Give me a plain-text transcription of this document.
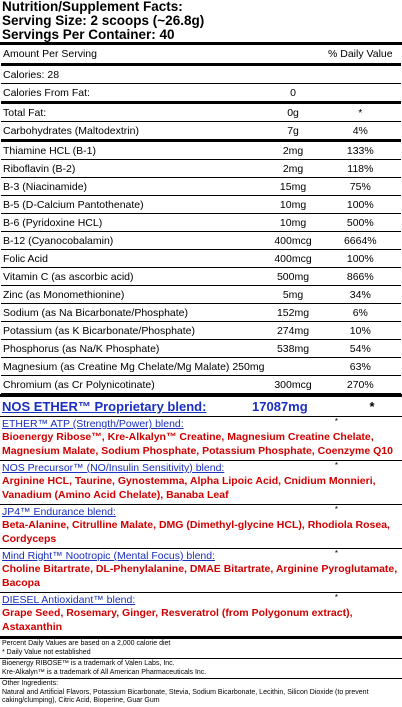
Nutrition/Supplement Facts:
Serving Size: 2 scoops (~26.8g)
Servings Per Container: 40
Amount Per Serving		% Daily Value
Calories: 28		
Calories From Fat:	0	
Total Fat:	0g	*
Carbohydrates (Maltodextrin)	7g	4%
Thiamine HCL (B-1)	2mg	133%
Riboflavin (B-2)	2mg	118%
B-3 (Niacinamide)	15mg	75%
B-5 (D-Calcium Pantothenate)	10mg	100%
B-6 (Pyridoxine HCL)	10mg	500%
B-12 (Cyanocobalamin)	400mcg	6664%
Folic Acid	400mcg	100%
Vitamin C (as ascorbic acid)	500mg	866%
Zinc (as Monomethionine)	5mg	34%
Sodium (as Na Bicarbonate/Phosphate)	152mg	6%
Potassium (as K Bicarbonate/Phosphate)	274mg	10%
Phosphorus (as Na/K Phosphate)	538mg	54%
Magnesium (as Creatine Mg Chelate/Mg Malate) 250mg		63%
Chromium (as Cr Polynicotinate)	300mcg	270%
NOS ETHER™ Proprietary blend:	17087mg	*
ETHER™ ATP (Strength/Power) blend:	*
Bioenergy Ribose™, Kre-Alkalyn™ Creatine, Magnesium Creatine Chelate, Magnesium Malate, Sodium Phosphate, Potassium Phosphate, Coenzyme Q10
NOS Precursor™ (NO/Insulin Sensitivity) blend:	*
Arginine HCL, Taurine, Gynostemma, Alpha Lipoic Acid, Cnidium Monnieri, Vanadium (Amino Acid Chelate), Banaba Leaf
JP4™ Endurance blend:	*
Beta-Alanine, Citrulline Malate, DMG (Dimethyl-glycine HCL), Rhodiola Rosea, Cordyceps
Mind Right™ Nootropic (Mental Focus) blend:	*
Choline Bitartrate, DL-Phenylalanine, DMAE Bitartrate, Arginine Pyroglutamate, Bacopa
DIESEL Antioxidant™ blend:	*
Grape Seed, Rosemary, Ginger, Resveratrol (from Polygonum extract), Astaxanthin
Percent Daily Values are based on a 2,000 calorie diet
* Daily Value not established
Bioenergy RIBOSE™ is a trademark of Valen Labs, Inc.
Kre-Alkalyn™ is a trademark of All American Pharmaceuticals Inc.
Other Ingredients:
Natural and Artificial Flavors, Potassium Bicarbonate, Stevia, Sodium Bicarbonate, Lecithin, Silicon Dioxide (to prevent caking/clumping), Citric Acid, Bioperine, Guar Gum
